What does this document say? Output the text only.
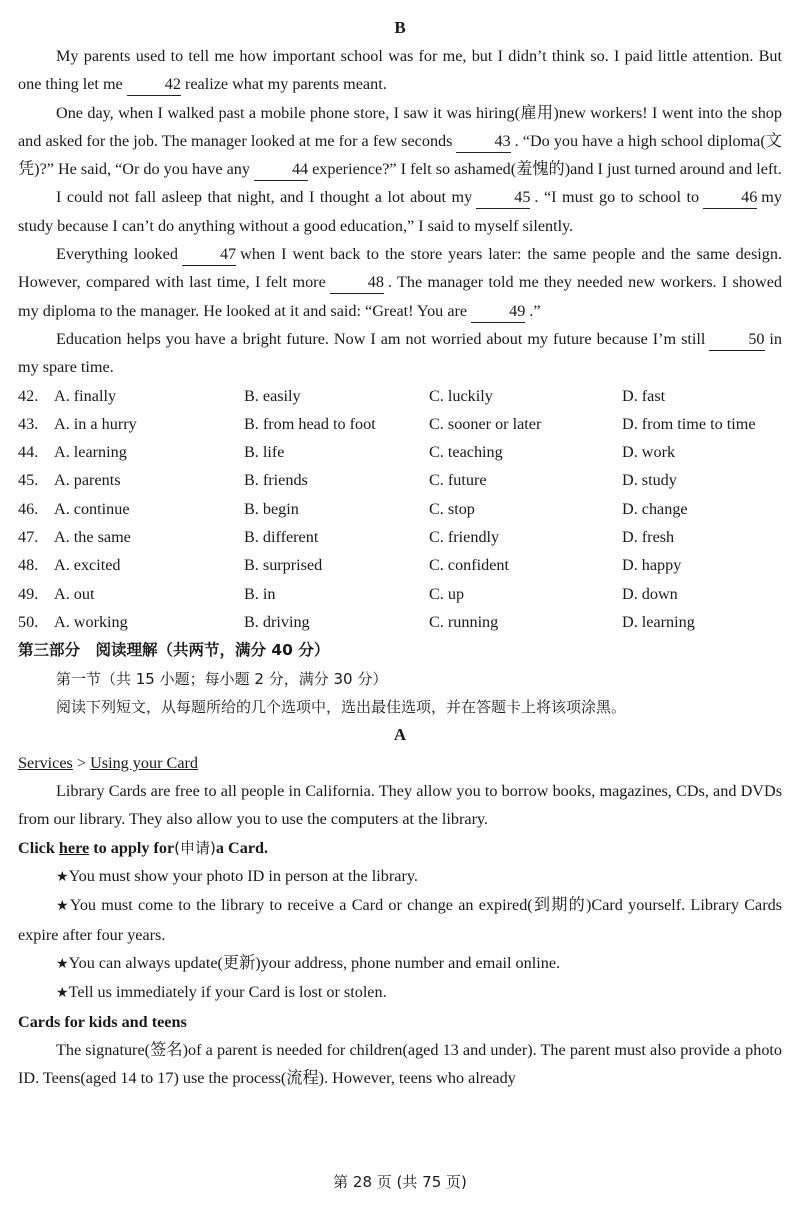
B

My parents used to tell me how important school was for me, but I didn’t think so. I paid little attention. But one thing let me	42 realize what my parents meant.

One day, when I walked past a mobile phone store, I saw it was hiring(雇用)new workers! I went into the shop and asked for the job. The manager looked at me for a few seconds	43 . “Do you have a high school diploma(文凭)?” He said, “Or do you have any	44 experience?” I felt so ashamed(羞愧的)and I just turned around and left.

I could not fall asleep that night, and I thought a lot about my	45 . “I must go to school to	46 my study because I can’t do anything without a good education,” I said to myself silently.

Everything looked	47 when I went back to the store years later: the same people and the same design. However, compared with last time, I felt more	48 . The manager told me they needed new workers. I showed my diploma to the manager. He looked at it and said: “Great! You are	49 .”

Education helps you have a bright future. Now I am not worried about my future because I’m still	50 in my spare time.

42. A. finally	B. easily	C. luckily	D. fast
43. A. in a hurry	B. from head to foot	C. sooner or later	D. from time to time
44. A. learning	B. life	C. teaching	D. work
45. A. parents	B. friends	C. future	D. study
46. A. continue	B. begin	C. stop	D. change
47. A. the same	B. different	C. friendly	D. fresh
48. A. excited	B. surprised	C. confident	D. happy
49. A. out	B. in	C. up	D. down
50. A. working	B. driving	C. running	D. learning
第三部分　阅读理解（共两节，满分 40 分）
第一节（共 15 小题；每小题 2 分，满分 30 分）
阅读下列短文，从每题所给的几个选项中，选出最佳选项，并在答题卡上将该项涂黑。
A
Services > Using your Card

Library Cards are free to all people in California. They allow you to borrow books, magazines, CDs, and DVDs from our library. They also allow you to use the computers at the library.

Click here to apply for(申请)a Card.

★You must show your photo ID in person at the library.

★You must come to the library to receive a Card or change an expired(到期的)Card yourself. Library Cards expire after four years.

★You can always update(更新)your address, phone number and email online.

★Tell us immediately if your Card is lost or stolen.

Cards for kids and teens

The signature(签名)of a parent is needed for children(aged 13 and under). The parent must also provide a photo ID. Teens(aged 14 to 17) use the process(流程). However, teens who already

第 28 页 (共 75 页)
